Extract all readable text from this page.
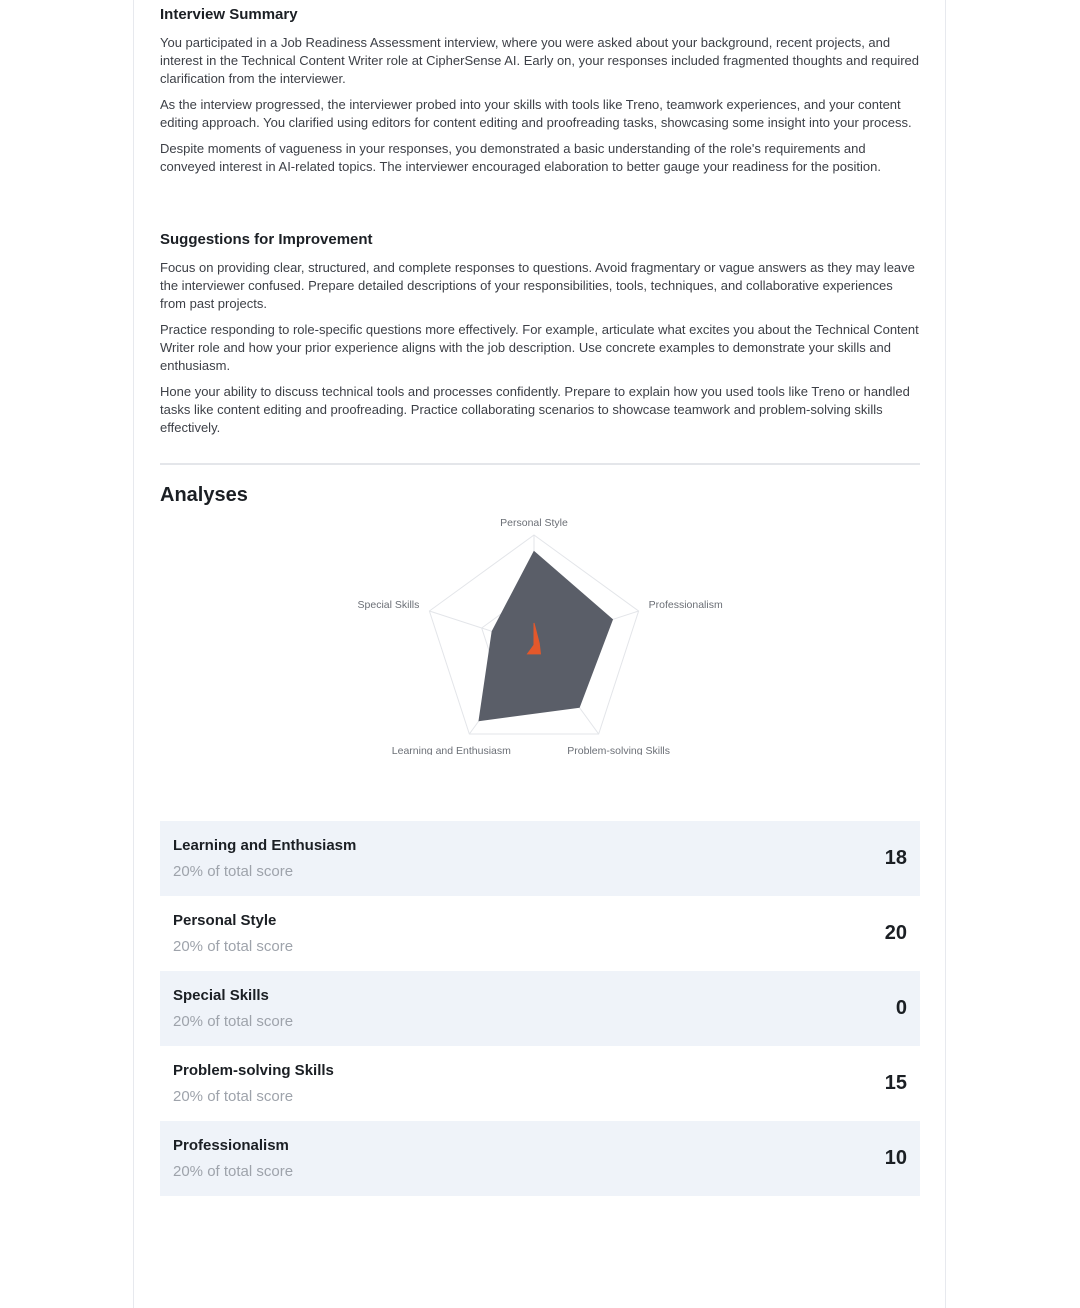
Interview Summary

You participated in a Job Readiness Assessment interview, where you were asked about your background, recent projects, and interest in the Technical Content Writer role at CipherSense AI. Early on, your responses included fragmented thoughts and required clarification from the interviewer.

As the interview progressed, the interviewer probed into your skills with tools like Treno, teamwork experiences, and your content editing approach. You clarified using editors for content editing and proofreading tasks, showcasing some insight into your process.

Despite moments of vagueness in your responses, you demonstrated a basic understanding of the role's requirements and conveyed interest in AI-related topics. The interviewer encouraged elaboration to better gauge your readiness for the position.

Suggestions for Improvement

Focus on providing clear, structured, and complete responses to questions. Avoid fragmentary or vague answers as they may leave the interviewer confused. Prepare detailed descriptions of your responsibilities, tools, techniques, and collaborative experiences from past projects.

Practice responding to role-specific questions more effectively. For example, articulate what excites you about the Technical Content Writer role and how your prior experience aligns with the job description. Use concrete examples to demonstrate your skills and enthusiasm.

Hone your ability to discuss technical tools and processes confidently. Prepare to explain how you used tools like Treno or handled tasks like content editing and proofreading. Practice collaborating scenarios to showcase teamwork and problem-solving skills effectively.

Analyses
Personal Style
Professionalism
Problem-solving Skills
Learning and Enthusiasm
Special Skills
Learning and Enthusiasm
20% of total score
18
Personal Style
20% of total score
20
Special Skills
20% of total score
0
Problem-solving Skills
20% of total score
15
Professionalism
20% of total score
10
